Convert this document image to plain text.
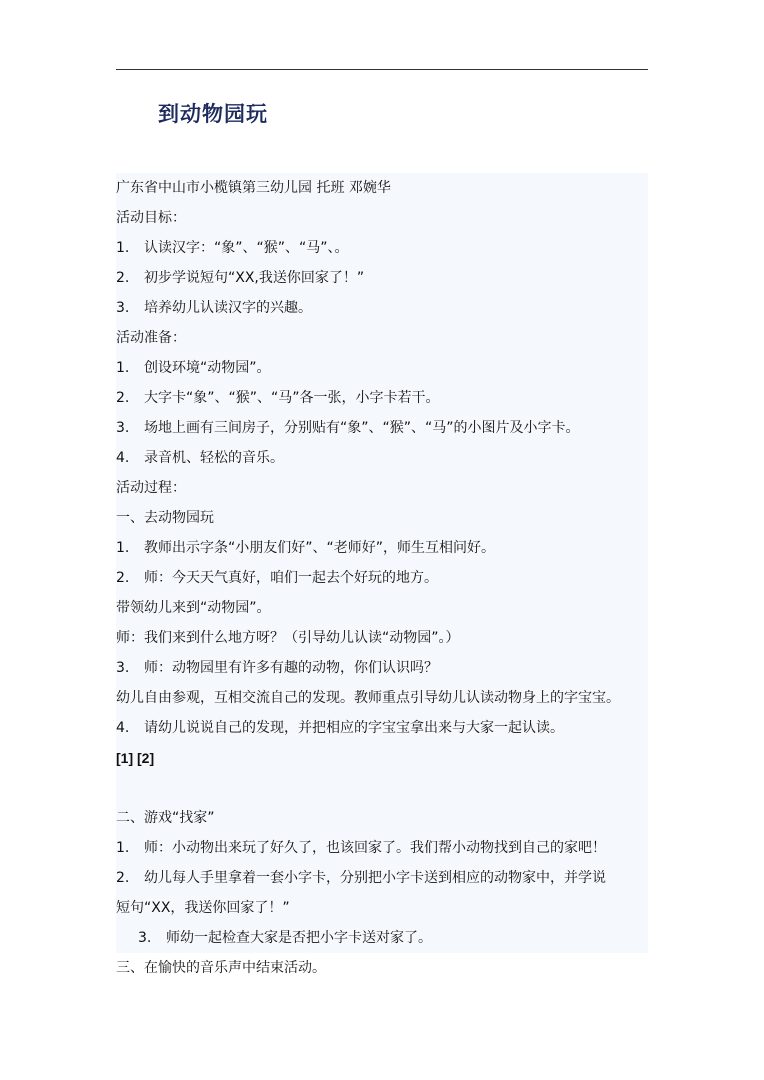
到动物园玩
广东省中山市小榄镇第三幼儿园 托班 邓婉华
活动目标：
1. 认读汉字：“象”、“猴”、“马”、。
2. 初步学说短句“XX,我送你回家了！”
3. 培养幼儿认读汉字的兴趣。
活动准备：
1. 创设环境“动物园”。
2. 大字卡“象”、“猴”、“马”各一张，小字卡若干。
3. 场地上画有三间房子，分别贴有“象”、“猴”、“马”的小图片及小字卡。
4. 录音机、轻松的音乐。
活动过程：
一、去动物园玩
1. 教师出示字条“小朋友们好”、“老师好”，师生互相问好。
2. 师：今天天气真好，咱们一起去个好玩的地方。
带领幼儿来到“动物园”。
师：我们来到什么地方呀？（引导幼儿认读“动物园”。）
3. 师：动物园里有许多有趣的动物，你们认识吗？
幼儿自由参观，互相交流自己的发现。教师重点引导幼儿认读动物身上的字宝宝。
4. 请幼儿说说自己的发现，并把相应的字宝宝拿出来与大家一起认读。
[1] [2]
二、游戏“找家”
1. 师：小动物出来玩了好久了，也该回家了。我们帮小动物找到自己的家吧！
2. 幼儿每人手里拿着一套小字卡，分别把小字卡送到相应的动物家中，并学说
短句“XX，我送你回家了！”
3. 师幼一起检查大家是否把小字卡送对家了。
三、在愉快的音乐声中结束活动。
